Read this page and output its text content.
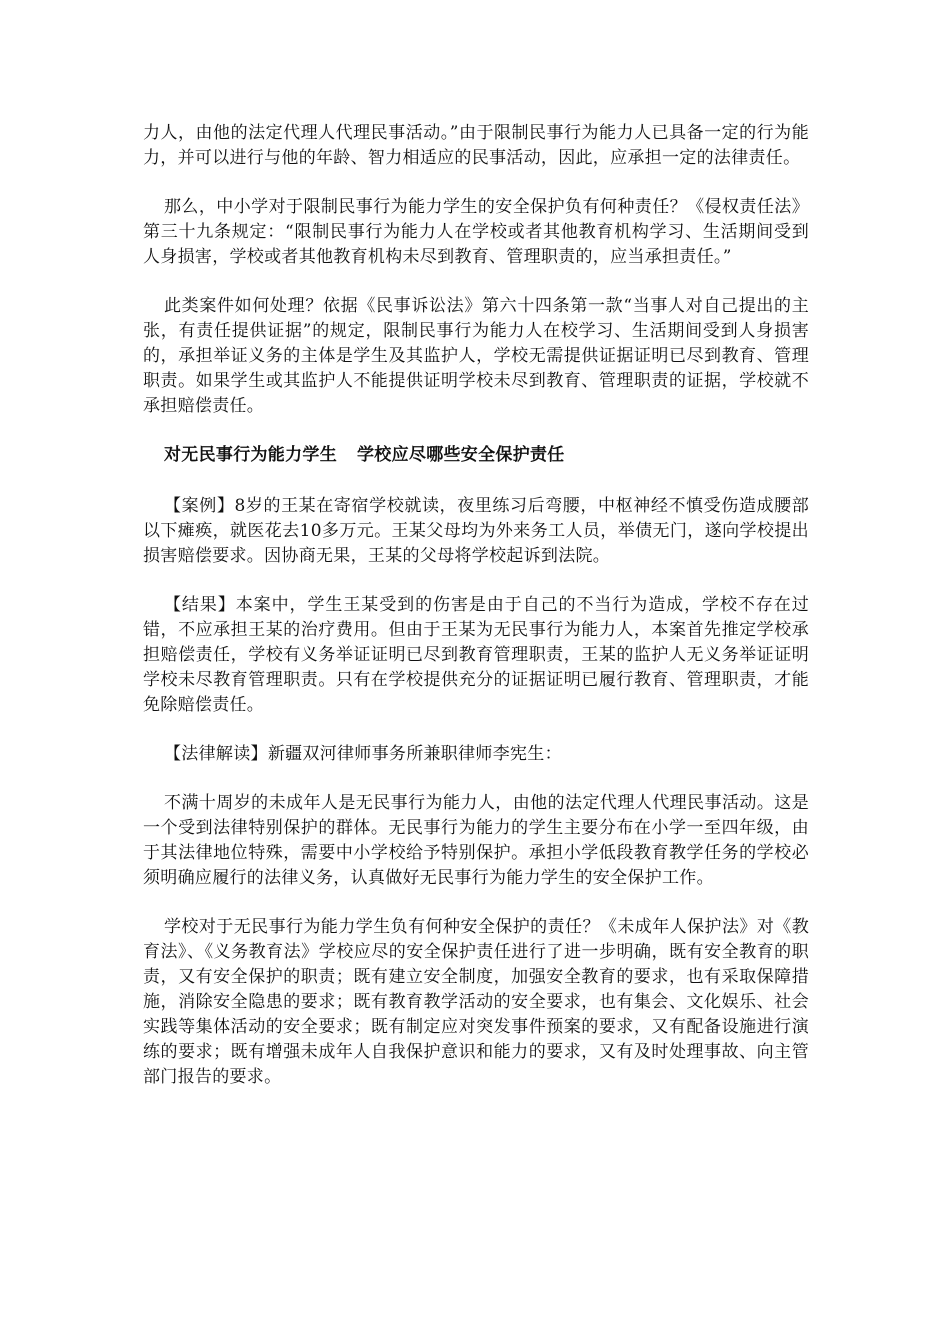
力人，由他的法定代理人代理民事活动。”由于限制民事行为能力人已具备一定的行为能力，并可以进行与他的年龄、智力相适应的民事活动，因此，应承担一定的法律责任。

那么，中小学对于限制民事行为能力学生的安全保护负有何种责任？《侵权责任法》第三十九条规定：“限制民事行为能力人在学校或者其他教育机构学习、生活期间受到人身损害，学校或者其他教育机构未尽到教育、管理职责的，应当承担责任。”

此类案件如何处理？依据《民事诉讼法》第六十四条第一款“当事人对自己提出的主张，有责任提供证据”的规定，限制民事行为能力人在校学习、生活期间受到人身损害的，承担举证义务的主体是学生及其监护人，学校无需提供证据证明已尽到教育、管理职责。如果学生或其监护人不能提供证明学校未尽到教育、管理职责的证据，学校就不承担赔偿责任。

对无民事行为能力学生 学校应尽哪些安全保护责任

【案例】8岁的王某在寄宿学校就读，夜里练习后弯腰，中枢神经不慎受伤造成腰部以下瘫痪，就医花去10多万元。王某父母均为外来务工人员，举债无门，遂向学校提出损害赔偿要求。因协商无果，王某的父母将学校起诉到法院。

【结果】本案中，学生王某受到的伤害是由于自己的不当行为造成，学校不存在过错，不应承担王某的治疗费用。但由于王某为无民事行为能力人，本案首先推定学校承担赔偿责任，学校有义务举证证明已尽到教育管理职责，王某的监护人无义务举证证明学校未尽教育管理职责。只有在学校提供充分的证据证明已履行教育、管理职责，才能免除赔偿责任。

【法律解读】新疆双河律师事务所兼职律师李宪生：

不满十周岁的未成年人是无民事行为能力人，由他的法定代理人代理民事活动。这是一个受到法律特别保护的群体。无民事行为能力的学生主要分布在小学一至四年级，由于其法律地位特殊，需要中小学校给予特别保护。承担小学低段教育教学任务的学校必须明确应履行的法律义务，认真做好无民事行为能力学生的安全保护工作。

学校对于无民事行为能力学生负有何种安全保护的责任？《未成年人保护法》对《教育法》、《义务教育法》学校应尽的安全保护责任进行了进一步明确，既有安全教育的职责，又有安全保护的职责；既有建立安全制度，加强安全教育的要求，也有采取保障措施，消除安全隐患的要求；既有教育教学活动的安全要求，也有集会、文化娱乐、社会实践等集体活动的安全要求；既有制定应对突发事件预案的要求，又有配备设施进行演练的要求；既有增强未成年人自我保护意识和能力的要求，又有及时处理事故、向主管部门报告的要求。
